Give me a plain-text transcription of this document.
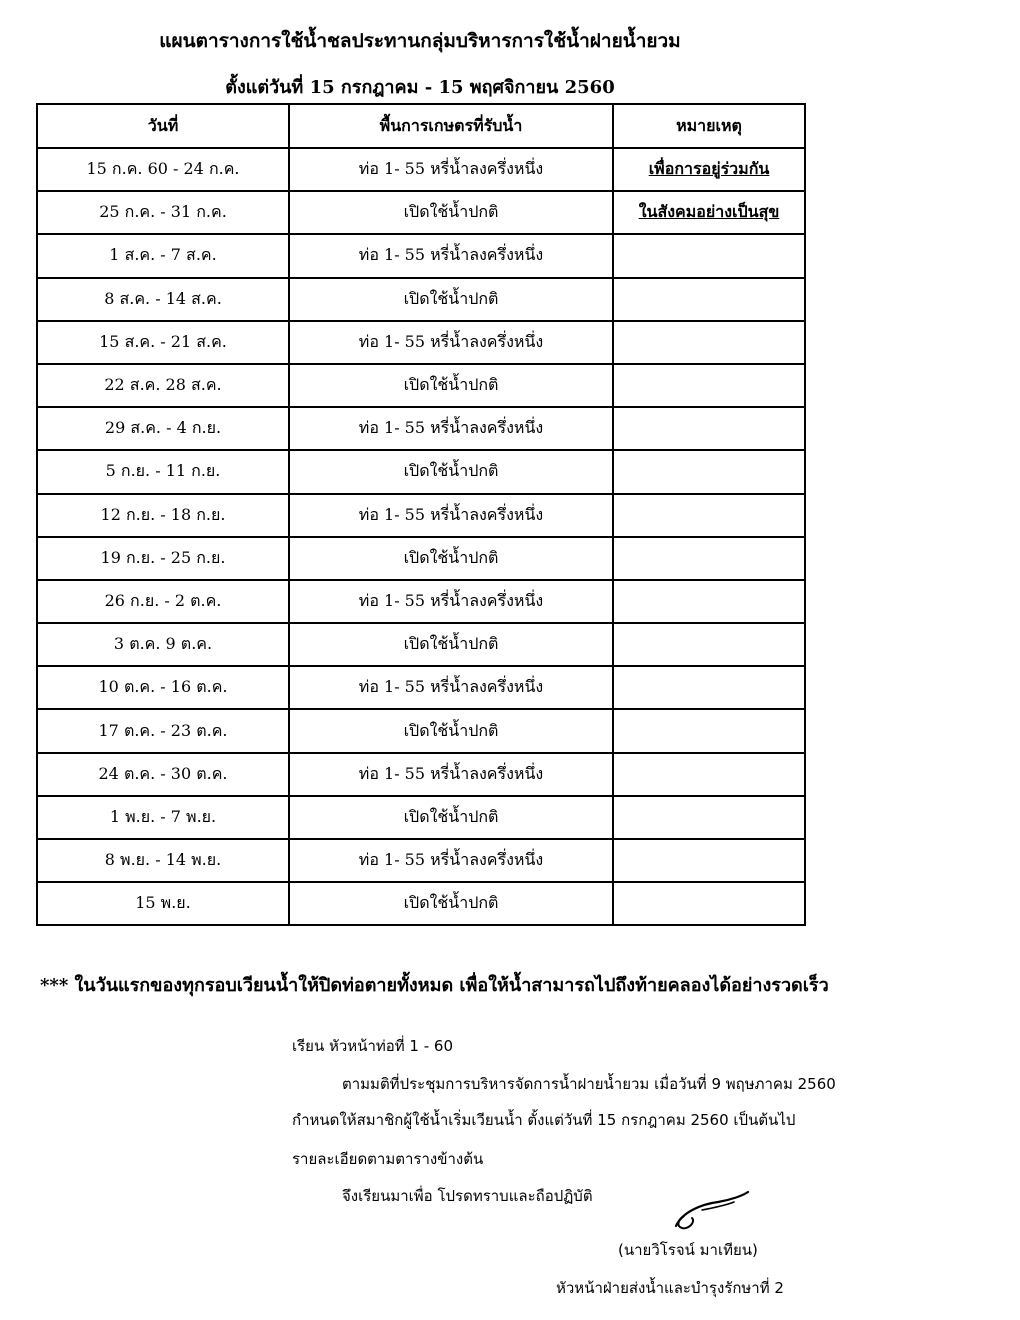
แผนตารางการใช้น้ำชลประทานกลุ่มบริหารการใช้น้ำฝายน้ำยวม
ตั้งแต่วันที่ 15 กรกฎาคม - 15 พฤศจิกายน 2560
วันที่	พื้นการเกษตรที่รับน้ำ	หมายเหตุ
15 ก.ค. 60 - 24 ก.ค.	ท่อ 1- 55 หรี่น้ำลงครึ่งหนึ่ง	เพื่อการอยู่ร่วมกัน
25 ก.ค. - 31 ก.ค.	เปิดใช้น้ำปกติ	ในสังคมอย่างเป็นสุข
1 ส.ค. - 7 ส.ค.	ท่อ 1- 55 หรี่น้ำลงครึ่งหนึ่ง	
8 ส.ค. - 14 ส.ค.	เปิดใช้น้ำปกติ	
15 ส.ค. - 21 ส.ค.	ท่อ 1- 55 หรี่น้ำลงครึ่งหนึ่ง	
22 ส.ค. 28 ส.ค.	เปิดใช้น้ำปกติ	
29 ส.ค. - 4 ก.ย.	ท่อ 1- 55 หรี่น้ำลงครึ่งหนึ่ง	
5 ก.ย. - 11 ก.ย.	เปิดใช้น้ำปกติ	
12 ก.ย. - 18 ก.ย.	ท่อ 1- 55 หรี่น้ำลงครึ่งหนึ่ง	
19 ก.ย. - 25 ก.ย.	เปิดใช้น้ำปกติ	
26 ก.ย. - 2 ต.ค.	ท่อ 1- 55 หรี่น้ำลงครึ่งหนึ่ง	
3 ต.ค. 9 ต.ค.	เปิดใช้น้ำปกติ	
10 ต.ค. - 16 ต.ค.	ท่อ 1- 55 หรี่น้ำลงครึ่งหนึ่ง	
17 ต.ค. - 23 ต.ค.	เปิดใช้น้ำปกติ	
24 ต.ค. - 30 ต.ค.	ท่อ 1- 55 หรี่น้ำลงครึ่งหนึ่ง	
1 พ.ย. - 7 พ.ย.	เปิดใช้น้ำปกติ	
8 พ.ย. - 14 พ.ย.	ท่อ 1- 55 หรี่น้ำลงครึ่งหนึ่ง	
15 พ.ย.	เปิดใช้น้ำปกติ	
*** ในวันแรกของทุกรอบเวียนน้ำให้ปิดท่อตายทั้งหมด เพื่อให้น้ำสามารถไปถึงท้ายคลองได้อย่างรวดเร็ว
เรียน หัวหน้าท่อที่ 1 - 60
ตามมติที่ประชุมการบริหารจัดการน้ำฝายน้ำยวม เมื่อวันที่ 9 พฤษภาคม 2560
กำหนดให้สมาชิกผู้ใช้น้ำเริ่มเวียนน้ำ ตั้งแต่วันที่ 15 กรกฎาคม 2560 เป็นต้นไป
รายละเอียดตามตารางข้างต้น
จึงเรียนมาเพื่อ โปรดทราบและถือปฏิบัติ
(นายวิโรจน์ มาเทียน)
หัวหน้าฝ่ายส่งน้ำและบำรุงรักษาที่ 2
